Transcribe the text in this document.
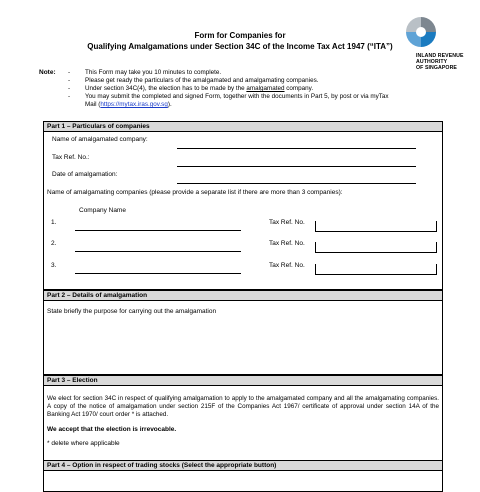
Form for Companies for
Qualifying Amalgamations under Section 34C of the Income Tax Act 1947 (“ITA”)
INLAND REVENUE
AUTHORITY
OF SINGAPORE
Note: - This Form may take you 10 minutes to complete.
- Please get ready the particulars of the amalgamated and amalgamating companies.
- Under section 34C(4), the election has to be made by the amalgamated company.
- You may submit the completed and signed Form, together with the documents in Part 5, by post or via myTax
Mail (https://mytax.iras.gov.sg).
Part 1 – Particulars of companies
Name of amalgamated company:
Tax Ref. No.:
Date of amalgamation:
Name of amalgamating companies (please provide a separate list if there are more than 3 companies):
Company Name
1.	Tax Ref. No.
2.	Tax Ref. No.
3.	Tax Ref. No.
Part 2 – Details of amalgamation
State briefly the purpose for carrying out the amalgamation
Part 3 – Election
We elect for section 34C in respect of qualifying amalgamation to apply to the amalgamated company and all the amalgamating companies. A copy of the notice of amalgamation under section 215F of the Companies Act 1967/ certificate of approval under section 14A of the Banking Act 1970/ court order * is attached.
We accept that the election is irrevocable.
* delete where applicable
Part 4 – Option in respect of trading stocks (Select the appropriate button)
